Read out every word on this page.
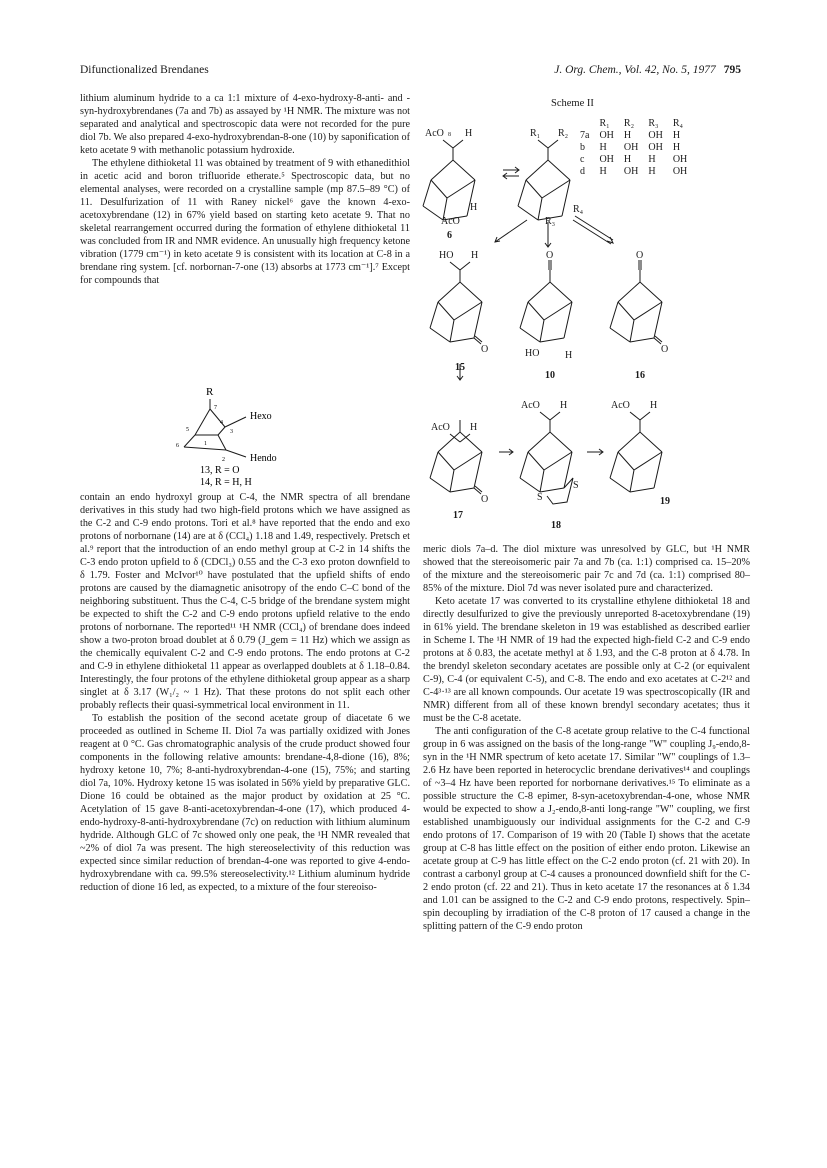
Difunctionalized Brendanes	J. Org. Chem., Vol. 42, No. 5, 1977 795

lithium aluminum hydride to a ca 1:1 mixture of 4-exo-hydroxy-8-anti- and -syn-hydroxybrendanes (7a and 7b) as assayed by ¹H NMR. The mixture was not separated and analytical and spectroscopic data were not recorded for the pure diol 7b. We also prepared 4-exo-hydroxybrendan-8-one (10) by saponification of keto acetate 9 with methanolic potassium hydroxide.

The ethylene dithioketal 11 was obtained by treatment of 9 with ethanedithiol in acetic acid and boron trifluoride etherate.⁵ Spectroscopic data, but no elemental analyses, were recorded on a crystalline sample (mp 87.5–89 °C) of 11. Desulfurization of 11 with Raney nickel⁶ gave the known 4-exo-acetoxybrendane (12) in 67% yield based on starting keto acetate 9. That no skeletal rearrangement occurred during the formation of ethylene dithioketal 11 was concluded from IR and NMR evidence. An unusually high frequency ketone vibration (1779 cm⁻¹) in keto acetate 9 is consistent with its location at C-8 in a brendane ring system. [cf. norbornan-7-one (13) absorbs at 1773 cm⁻¹].⁷ Except for compounds that

R
Hexo
Hendo
7
4
3
5
6	1
2
13, R = O
14, R = H, H

contain an endo hydroxyl group at C-4, the NMR spectra of all brendane derivatives in this study had two high-field protons which we have assigned as the C-2 and C-9 endo protons. Tori et al.⁸ have reported that the endo and exo protons of norbornane (14) are at δ (CCl₄) 1.18 and 1.49, respectively. Pretsch et al.⁹ report that the introduction of an endo methyl group at C-2 in 14 shifts the C-3 endo proton upfield to δ (CDCl₃) 0.55 and the C-3 exo proton downfield to δ 1.79. Foster and McIvor¹⁰ have postulated that the upfield shifts of endo protons are caused by the diamagnetic anisotropy of the endo C–C bond of the neighboring substituent. Thus the C-4, C-5 bridge of the brendane system might be expected to shift the C-2 and C-9 endo protons upfield relative to the endo protons of norbornane. The reported¹¹ ¹H NMR (CCl₄) of brendane does indeed show a two-proton broad doublet at δ 0.79 (J_gem = 11 Hz) which we assign as the chemically equivalent C-2 and C-9 endo protons. The endo protons at C-2 and C-9 in ethylene dithioketal 11 appear as overlapped doublets at δ 1.18–0.84. Interestingly, the four protons of the ethylene dithioketal group appear as a sharp singlet at δ 3.17 (W₁/₂ ~ 1 Hz). That these protons do not split each other probably reflects their quasi-symmetrical local environment in 11.

To establish the position of the second acetate group of diacetate 6 we proceeded as outlined in Scheme II. Diol 7a was partially oxidized with Jones reagent at 0 °C. Gas chromatographic analysis of the crude product showed four components in the following relative amounts: brendane-4,8-dione (16), 8%; hydroxy ketone 10, 7%; 8-anti-hydroxybrendan-4-one (15), 75%; and starting diol 7a, 10%. Hydroxy ketone 15 was isolated in 56% yield by preparative GLC. Dione 16 could be obtained as the major product by oxidation at 25 °C. Acetylation of 15 gave 8-anti-acetoxybrendan-4-one (17), which produced 4-endo-hydroxy-8-anti-hydroxybrendane (7c) on reduction with lithium aluminum hydride. Although GLC of 7c showed only one peak, the ¹H NMR revealed that ~2% of diol 7a was present. The high stereoselectivity of this reduction was expected since similar reduction of brendan-4-one was reported to give 4-endo-hydroxybrendane with ca. 99.5% stereoselectivity.¹² Lithium aluminum hydride reduction of dione 16 led, as expected, to a mixture of the four stereoiso-

Scheme II
	R₁	R₂	R₃	R₄
7a	OH	H	OH	H
b	H	OH	OH	H
c	OH	H	H	OH
d	H	OH	H	OH
AcO 8 H
H
AcO
6
R₁ R₂
R₄
R₃
HO H
O
15
O
HO	H
10
O
O
16
AcO H
O
17
AcO H
S
S
18
AcO H
19

meric diols 7a–d. The diol mixture was unresolved by GLC, but ¹H NMR showed that the stereoisomeric pair 7a and 7b (ca. 1:1) comprised ca. 15–20% of the mixture and the stereoisomeric pair 7c and 7d (ca. 1:1) comprised 80–85% of the mixture. Diol 7d was never isolated pure and characterized.

Keto acetate 17 was converted to its crystalline ethylene dithioketal 18 and directly desulfurized to give the previously unreported 8-acetoxybrendane (19) in 61% yield. The brendane skeleton in 19 was established as described earlier in Scheme I. The ¹H NMR of 19 had the expected high-field C-2 and C-9 endo protons at δ 0.83, the acetate methyl at δ 1.93, and the C-8 proton at δ 4.78. In the brendyl skeleton secondary acetates are possible only at C-2 (or equivalent C-9), C-4 (or equivalent C-5), and C-8. The endo and exo acetates at C-2¹² and C-4³·¹³ are all known compounds. Our acetate 19 was spectroscopically (IR and NMR) different from all of these known brendyl secondary acetates; thus it must be the C-8 acetate.

The anti configuration of the C-8 acetate group relative to the C-4 functional group in 6 was assigned on the basis of the long-range "W" coupling J₉-endo,8-syn in the ¹H NMR spectrum of keto acetate 17. Similar "W" couplings of 1.3–2.6 Hz have been reported in heterocyclic brendane derivatives¹⁴ and couplings of ~3–4 Hz have been reported for norbornane derivatives.¹⁵ To eliminate as a possible structure the C-8 epimer, 8-syn-acetoxybrendan-4-one, whose NMR would be expected to show a J₂-endo,8-anti long-range "W" coupling, we first established unambiguously our individual assignments for the C-2 and C-9 endo protons of 17. Comparison of 19 with 20 (Table I) shows that the acetate group at C-8 has little effect on the position of either endo proton. Likewise an acetate group at C-9 has little effect on the C-2 endo proton (cf. 21 with 20). In contrast a carbonyl group at C-4 causes a pronounced downfield shift for the C-2 endo proton (cf. 22 and 21). Thus in keto acetate 17 the resonances at δ 1.34 and 1.01 can be assigned to the C-2 and C-9 endo protons, respectively. Spin–spin decoupling by irradiation of the C-8 proton of 17 caused a change in the splitting pattern of the C-9 endo proton
